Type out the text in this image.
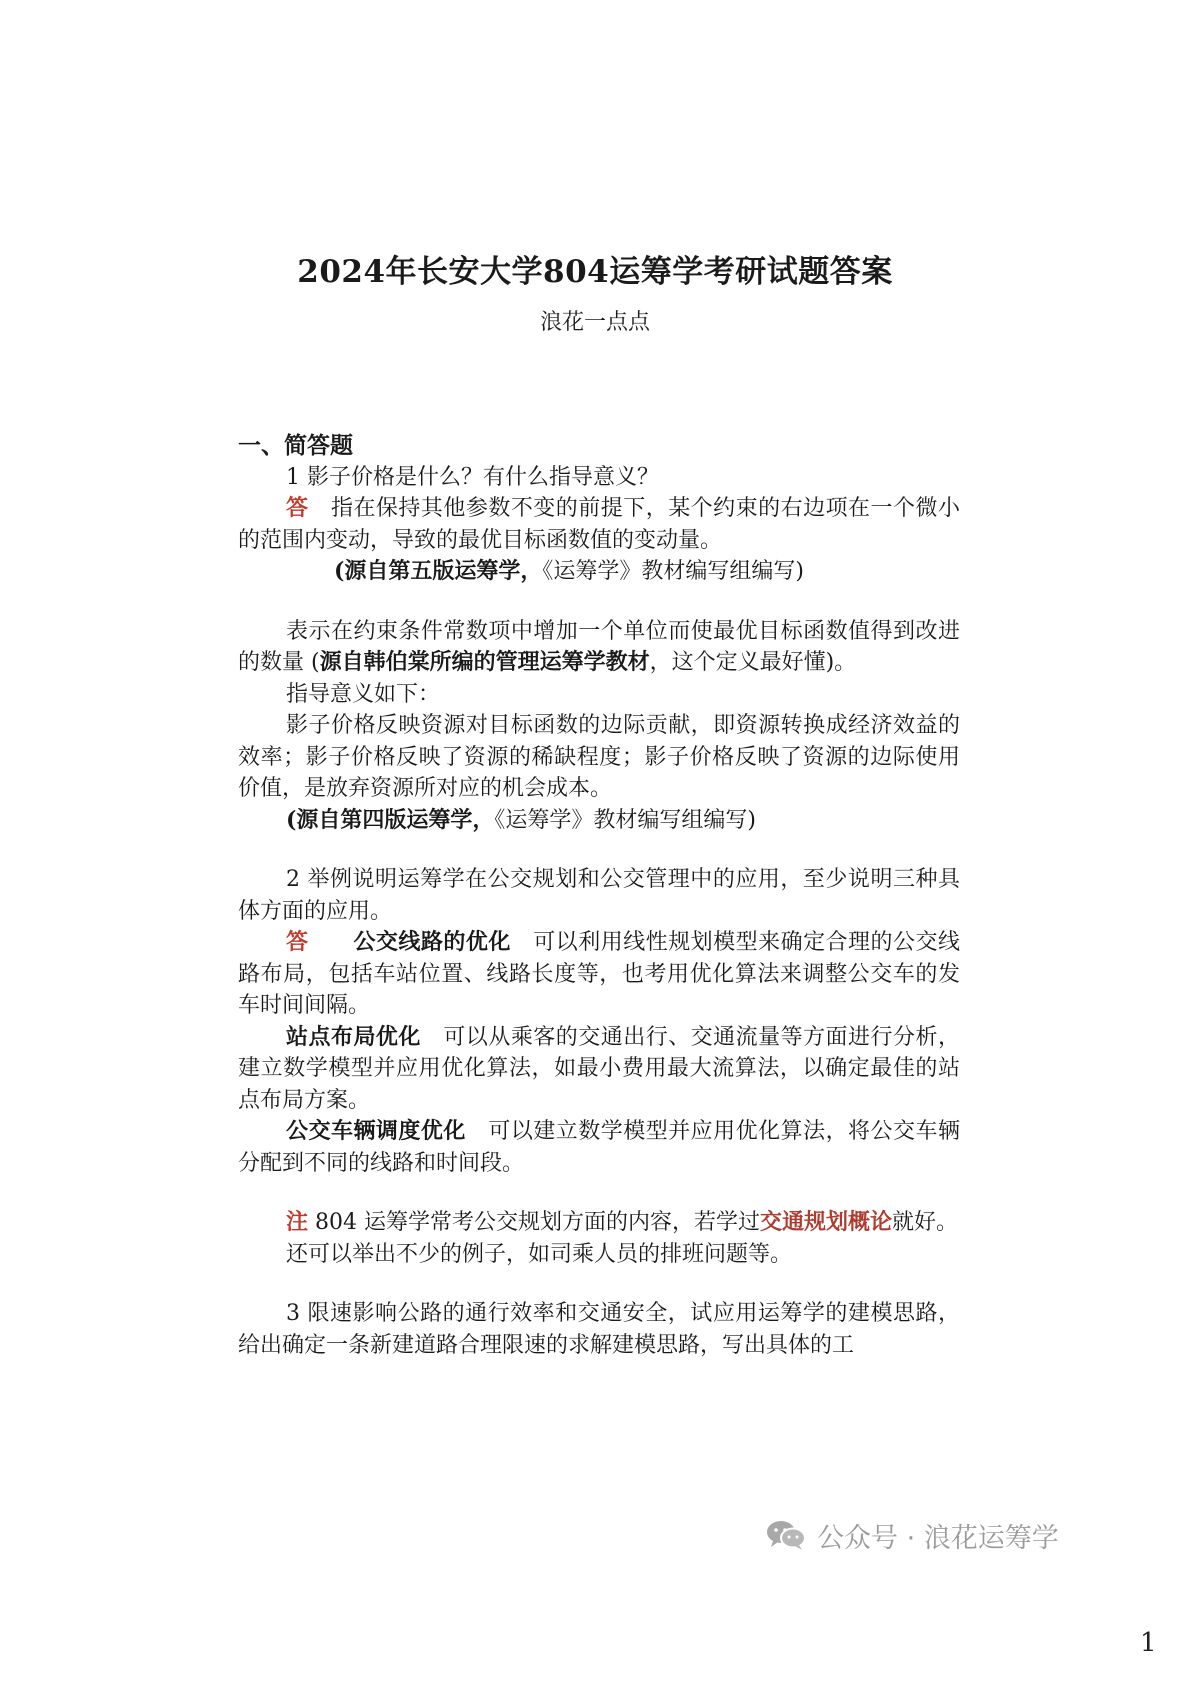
2024年长安大学804运筹学考研试题答案
浪花一点点

一、简答题

1 影子价格是什么？有什么指导意义？

答　指在保持其他参数不变的前提下，某个约束的右边项在一个微小的范围内变动，导致的最优目标函数值的变动量。

(源自第五版运筹学，《运筹学》教材编写组编写)

表示在约束条件常数项中增加一个单位而使最优目标函数值得到改进的数量 (源自韩伯棠所编的管理运筹学教材，这个定义最好懂)。

指导意义如下：

影子价格反映资源对目标函数的边际贡献，即资源转换成经济效益的效率；影子价格反映了资源的稀缺程度；影子价格反映了资源的边际使用价值，是放弃资源所对应的机会成本。

(源自第四版运筹学，《运筹学》教材编写组编写)

2 举例说明运筹学在公交规划和公交管理中的应用，至少说明三种具体方面的应用。

答　　 公交线路的优化　可以利用线性规划模型来确定合理的公交线路布局，包括车站位置、线路长度等，也考用优化算法来调整公交车的发车时间间隔。

站点布局优化　可以从乘客的交通出行、交通流量等方面进行分析，建立数学模型并应用优化算法，如最小费用最大流算法，以确定最佳的站点布局方案。

公交车辆调度优化　可以建立数学模型并应用优化算法，将公交车辆分配到不同的线路和时间段。

注 804 运筹学常考公交规划方面的内容，若学过交通规划概论就好。

还可以举出不少的例子，如司乘人员的排班问题等。

3 限速影响公路的通行效率和交通安全，试应用运筹学的建模思路，给出确定一条新建道路合理限速的求解建模思路，写出具体的工

公众号 · 浪花运筹学
1
